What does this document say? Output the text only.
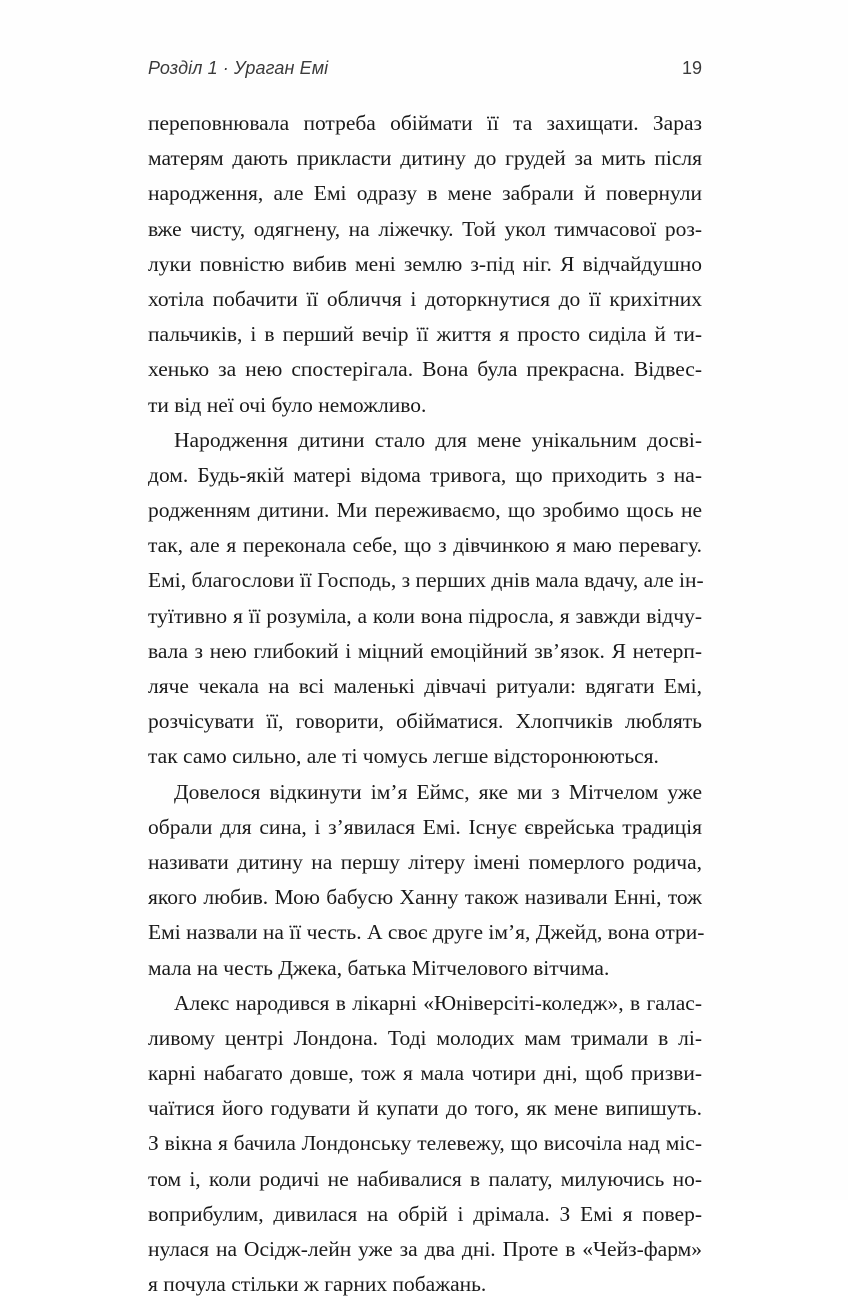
Розділ 1 · Ураган Емі	19
переповнювала потреба обіймати її та захищати. Зараз
матерям дають прикласти дитину до грудей за мить після
народження, але Емі одразу в мене забрали й повернули
вже чисту, одягнену, на ліжечку. Той укол тимчасової роз-
луки повністю вибив мені землю з-під ніг. Я відчайдушно
хотіла побачити її обличчя і доторкнутися до її крихітних
пальчиків, і в перший вечір її життя я просто сиділа й ти-
хенько за нею спостерігала. Вона була прекрасна. Відвес-
ти від неї очі було неможливо.
Народження дитини стало для мене унікальним досві-
дом. Будь-якій матері відома тривога, що приходить з на-
родженням дитини. Ми переживаємо, що зробимо щось не
так, але я переконала себе, що з дівчинкою я маю перевагу.
Емі, благослови її Господь, з перших днів мала вдачу, але ін-
туїтивно я її розуміла, а коли вона підросла, я завжди відчу-
вала з нею глибокий і міцний емоційний зв’язок. Я нетерп-
ляче чекала на всі маленькі дівчачі ритуали: вдягати Емі,
розчісувати її, говорити, обійматися. Хлопчиків люблять
так само сильно, але ті чомусь легше відсторонюються.
Довелося відкинути ім’я Еймс, яке ми з Мітчелом уже
обрали для сина, і з’явилася Емі. Існує єврейська традиція
називати дитину на першу літеру імені померлого родича,
якого любив. Мою бабусю Ханну також називали Енні, тож
Емі назвали на її честь. А своє друге ім’я, Джейд, вона отри-
мала на честь Джека, батька Мітчелового вітчима.
Алекс народився в лікарні «Юніверсіті-коледж», в галас-
ливому центрі Лондона. Тоді молодих мам тримали в лі-
карні набагато довше, тож я мала чотири дні, щоб призви-
чаїтися його годувати й купати до того, як мене випишуть.
З вікна я бачила Лондонську телевежу, що височіла над міс-
том і, коли родичі не набивалися в палату, милуючись но-
воприбулим, дивилася на обрій і дрімала. З Емі я повер-
нулася на Осідж-лейн уже за два дні. Проте в «Чейз-фарм»
я почула стільки ж гарних побажань.
